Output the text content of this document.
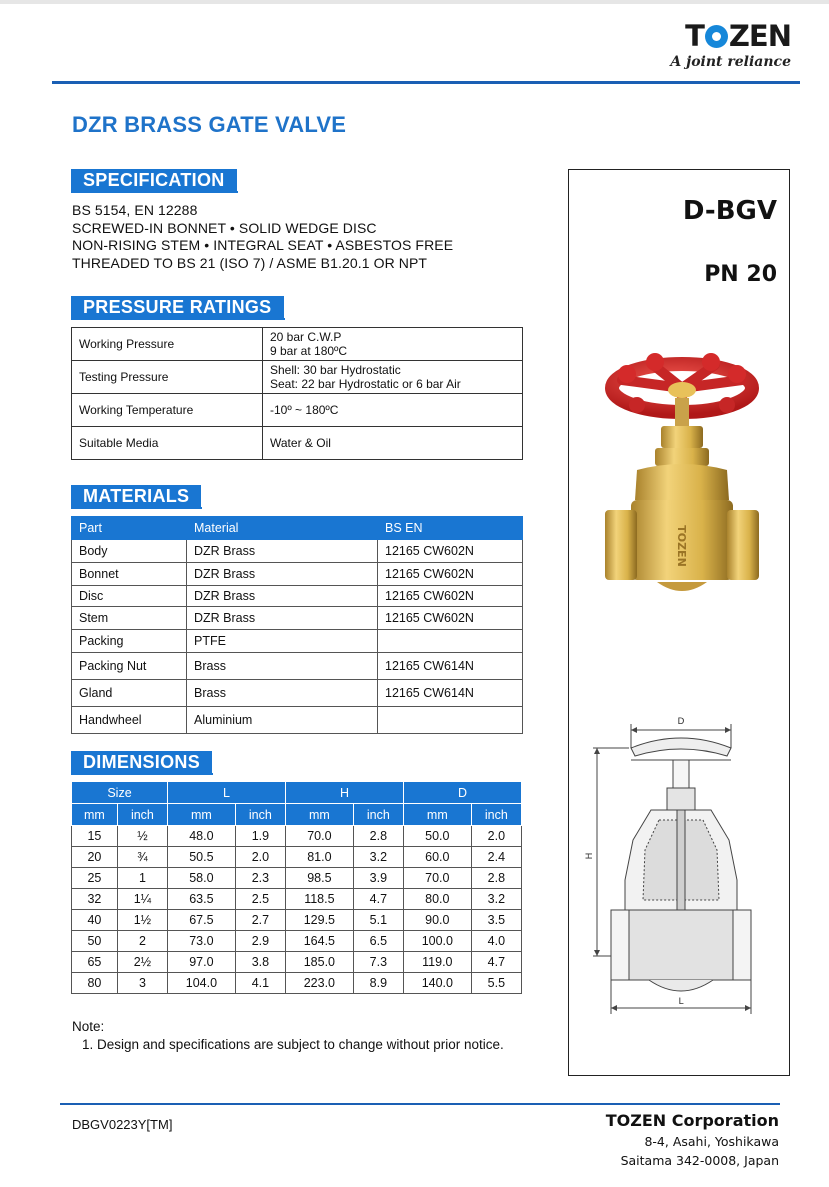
T ZEN
A joint reliance
DZR BRASS GATE VALVE
SPECIFICATION
BS 5154, EN 12288
SCREWED-IN BONNET • SOLID WEDGE DISC
NON-RISING STEM • INTEGRAL SEAT • ASBESTOS FREE
THREADED TO BS 21 (ISO 7) / ASME B1.20.1 OR NPT
PRESSURE RATINGS
Working Pressure	20 bar C.W.P
9 bar at 180ºC

Testing Pressure	Shell: 30 bar Hydrostatic
Seat: 22 bar Hydrostatic or 6 bar Air

Working Temperature	-10º ~ 180ºC
Suitable Media	Water & Oil
MATERIALS
Part	Material	BS EN
Body	DZR Brass	12165 CW602N
Bonnet	DZR Brass	12165 CW602N
Disc	DZR Brass	12165 CW602N
Stem	DZR Brass	12165 CW602N
Packing	PTFE	
Packing Nut	Brass	12165 CW614N
Gland	Brass	12165 CW614N
Handwheel	Aluminium	
DIMENSIONS
Size		L		H		D	
mm	inch	mm	inch	mm	inch	mm	inch
15	½	48.0	1.9	70.0	2.8	50.0	2.0
20	¾	50.5	2.0	81.0	3.2	60.0	2.4
25	1	58.0	2.3	98.5	3.9	70.0	2.8
32	1¼	63.5	2.5	118.5	4.7	80.0	3.2
40	1½	67.5	2.7	129.5	5.1	90.0	3.5
50	2	73.0	2.9	164.5	6.5	100.0	4.0
65	2½	97.0	3.8	185.0	7.3	119.0	4.7
80	3	104.0	4.1	223.0	8.9	140.0	5.5
Note:
1. Design and specifications are subject to change without prior notice.
D-BGV
PN 20
TOZEN
D
H
L
DBGV0223Y[TM]	TOZEN Corporation
8-4, Asahi, Yoshikawa
Saitama 342-0008, Japan
